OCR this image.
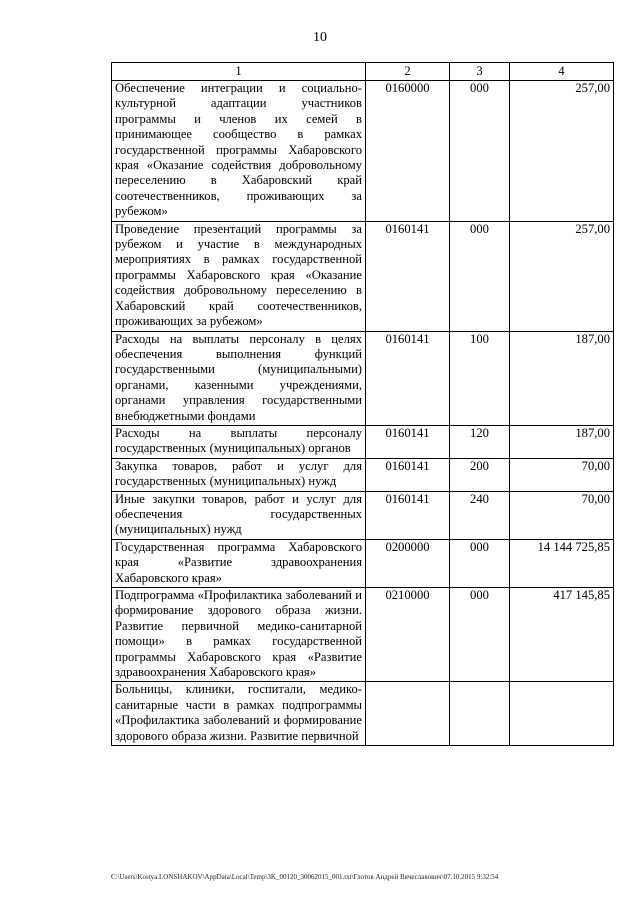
10
1	2	3	4
Обеспечение интеграции и социально-культурной адаптации участников программы и членов их семей в принимающее сообщество в рамках государственной программы Хабаровского края «Оказание содействия добровольному переселению в Хабаровский край соотечественников, проживающих за рубежом»	0160000	000	257,00
Проведение презентаций программы за рубежом и участие в международных мероприятиях в рамках государственной программы Хабаровского края «Оказание содействия добровольному переселению в Хабаровский край соотечественников, проживающих за рубежом»	0160141	000	257,00
Расходы на выплаты персоналу в целях обеспечения выполнения функций государственными (муниципальными) органами, казенными учреждениями, органами управления государственными внебюджетными фондами	0160141	100	187,00
Расходы на выплаты персоналу государственных (муниципальных) органов	0160141	120	187,00
Закупка товаров, работ и услуг для государственных (муниципальных) нужд	0160141	200	70,00
Иные закупки товаров, работ и услуг для обеспечения государственных (муниципальных) нужд	0160141	240	70,00
Государственная программа Хабаровского края «Развитие здравоохранения Хабаровского края»	0200000	000	14 144 725,85
Подпрограмма «Профилактика заболеваний и формирование здорового образа жизни. Развитие первичной медико-санитарной помощи» в рамках государственной программы Хабаровского края «Развитие здравоохранения Хабаровского края»	0210000	000	417 145,85
Больницы, клиники, госпитали, медико-санитарные части в рамках подпрограммы «Профилактика заболеваний и формирование здорового образа жизни. Развитие первичной			
C:\Users\Kostya.LONSHAKOV\AppData\Local\Temp\3K_00120_30062015_001.txt\Глотов Андрей Вячеславович\07.10.2015 9:32:54
